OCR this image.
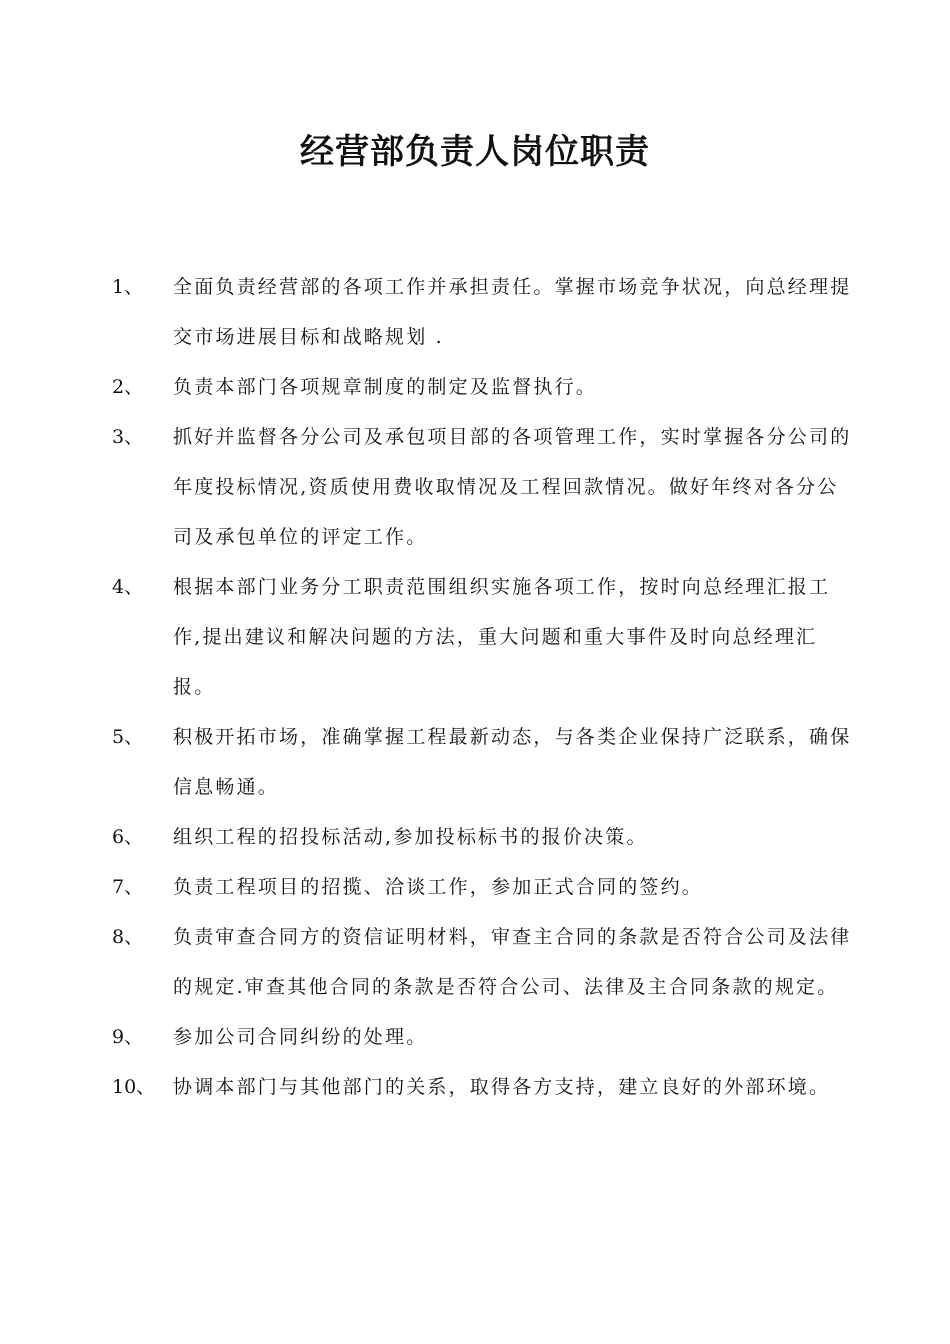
经营部负责人岗位职责
1、 全面负责经营部的各项工作并承担责任。掌握市场竞争状况，向总经理提交市场进展目标和战略规划 .
2、 负责本部门各项规章制度的制定及监督执行。
3、 抓好并监督各分公司及承包项目部的各项管理工作，实时掌握各分公司的年度投标情况,资质使用费收取情况及工程回款情况。做好年终对各分公司及承包单位的评定工作。
4、 根据本部门业务分工职责范围组织实施各项工作，按时向总经理汇报工作,提出建议和解决问题的方法，重大问题和重大事件及时向总经理汇报。
5、 积极开拓市场，准确掌握工程最新动态，与各类企业保持广泛联系，确保信息畅通。
6、 组织工程的招投标活动,参加投标标书的报价决策。
7、 负责工程项目的招揽、洽谈工作，参加正式合同的签约。
8、 负责审查合同方的资信证明材料，审查主合同的条款是否符合公司及法律的规定.审查其他合同的条款是否符合公司、法律及主合同条款的规定。
9、 参加公司合同纠纷的处理。
10、 协调本部门与其他部门的关系，取得各方支持，建立良好的外部环境。
